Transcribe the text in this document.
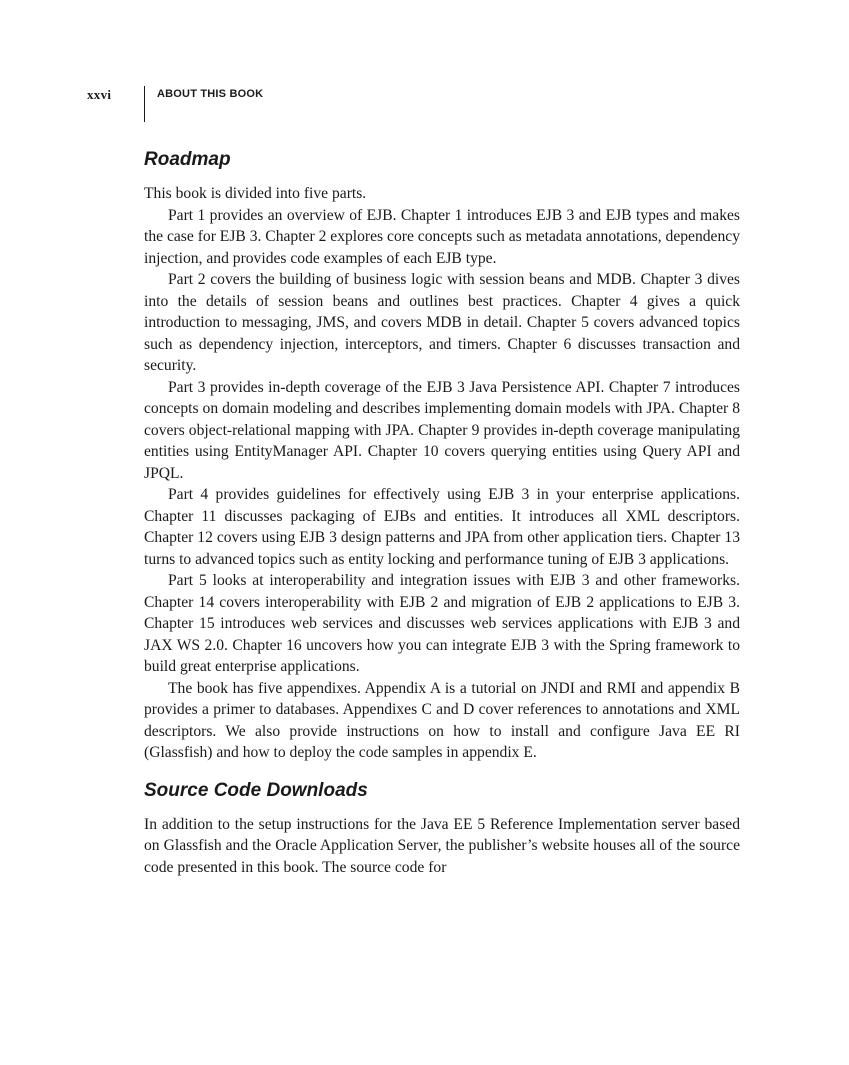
xxvi	ABOUT THIS BOOK
Roadmap

This book is divided into five parts.

Part 1 provides an overview of EJB. Chapter 1 introduces EJB 3 and EJB types and makes the case for EJB 3. Chapter 2 explores core concepts such as metadata annotations, dependency injection, and provides code examples of each EJB type.

Part 2 covers the building of business logic with session beans and MDB. Chapter 3 dives into the details of session beans and outlines best practices. Chapter 4 gives a quick introduction to messaging, JMS, and covers MDB in detail. Chapter 5 covers advanced topics such as dependency injection, interceptors, and timers. Chapter 6 discusses transaction and security.

Part 3 provides in-depth coverage of the EJB 3 Java Persistence API. Chapter 7 introduces concepts on domain modeling and describes implementing domain models with JPA. Chapter 8 covers object-relational mapping with JPA. Chapter 9 provides in-depth coverage manipulating entities using EntityManager API. Chapter 10 covers querying entities using Query API and JPQL.

Part 4 provides guidelines for effectively using EJB 3 in your enterprise applications. Chapter 11 discusses packaging of EJBs and entities. It introduces all XML descriptors. Chapter 12 covers using EJB 3 design patterns and JPA from other application tiers. Chapter 13 turns to advanced topics such as entity locking and performance tuning of EJB 3 applications.

Part 5 looks at interoperability and integration issues with EJB 3 and other frameworks. Chapter 14 covers interoperability with EJB 2 and migration of EJB 2 applications to EJB 3. Chapter 15 introduces web services and discusses web services applications with EJB 3 and JAX WS 2.0. Chapter 16 uncovers how you can integrate EJB 3 with the Spring framework to build great enterprise applications.

The book has five appendixes. Appendix A is a tutorial on JNDI and RMI and appendix B provides a primer to databases. Appendixes C and D cover references to annotations and XML descriptors. We also provide instructions on how to install and configure Java EE RI (Glassfish) and how to deploy the code samples in appendix E.

Source Code Downloads

In addition to the setup instructions for the Java EE 5 Reference Implementation server based on Glassfish and the Oracle Application Server, the publisher’s website houses all of the source code presented in this book. The source code for
